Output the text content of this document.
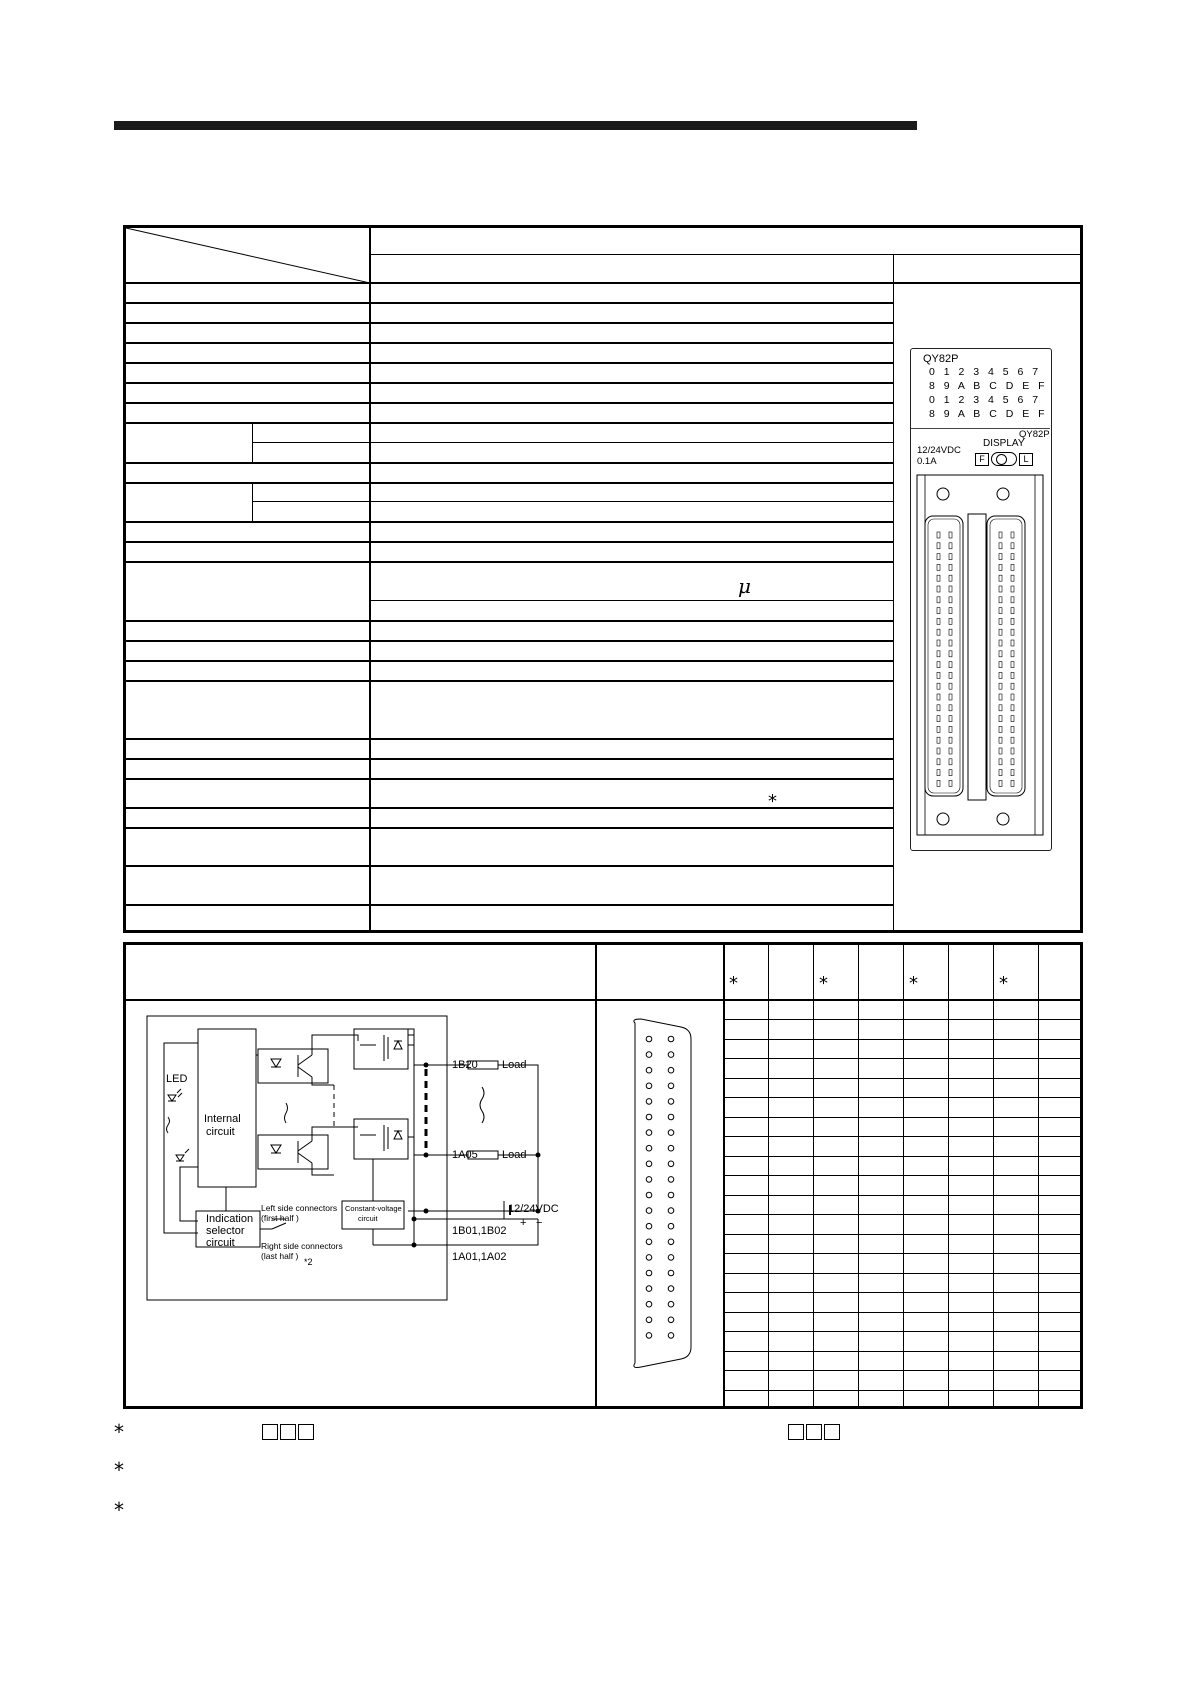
μ
*
QY82P
0 1 2 3 4 5 6 7
8 9 A B C D E F
0 1 2 3 4 5 6 7
8 9 A B C D E F
QY82P
12/24VDC
0.1A
DISPLAY
F	L
*	*	*	*
LED
Internal
circuit
Indication
selector
circuit
Left side connectors
(first half )
Right side connectors
(last half )
*2
1B20
1A05
1B01,1B02
1A01,1A02
Load
Load
12/24VDC
+ −
Constant-voltage
circuit
*
*
*
